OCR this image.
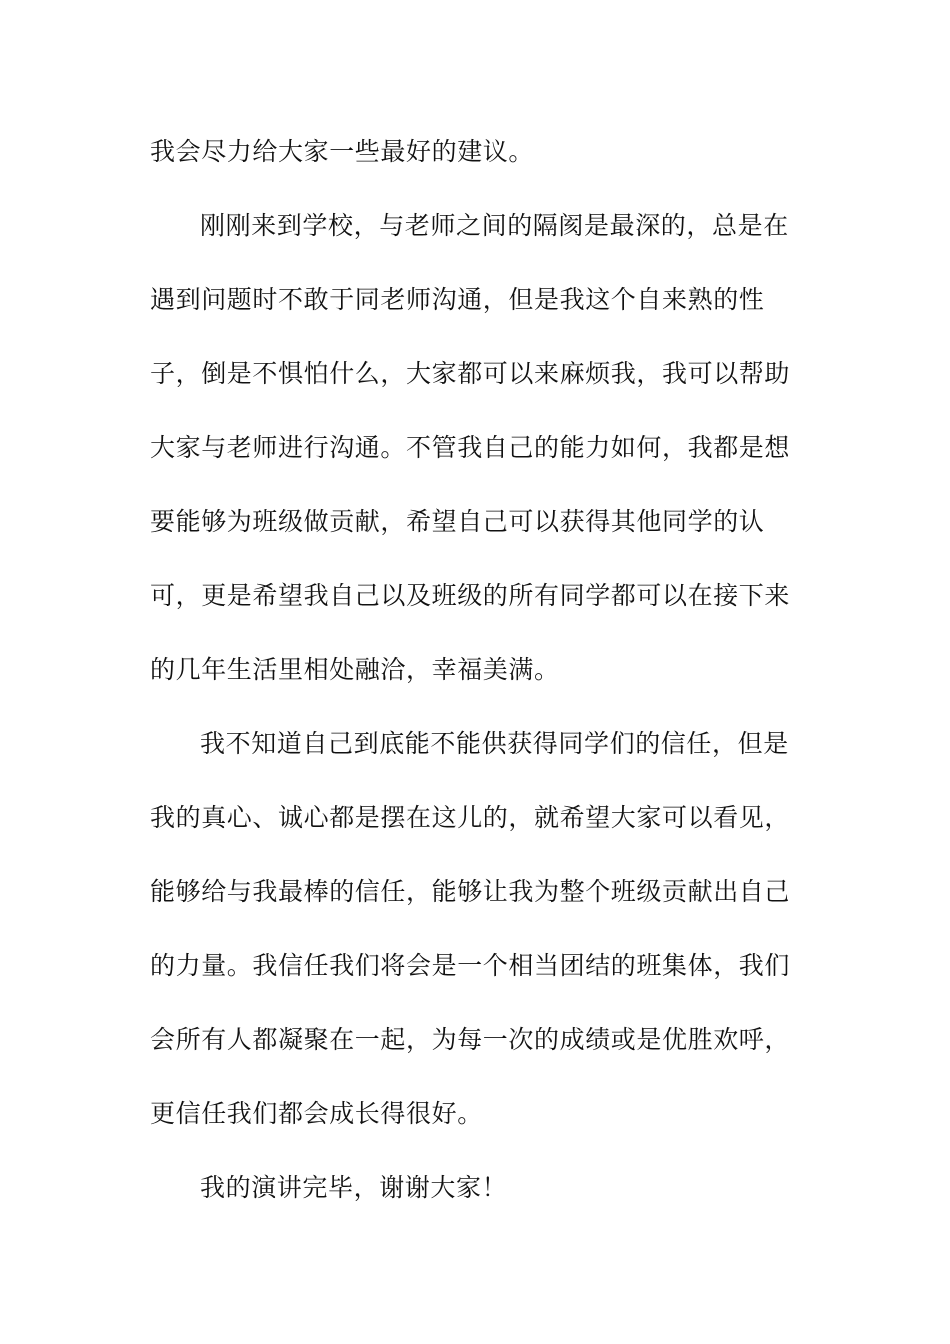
我会尽力给大家一些最好的建议。
刚刚来到学校，与老师之间的隔阂是最深的，总是在
遇到问题时不敢于同老师沟通，但是我这个自来熟的性
子，倒是不惧怕什么，大家都可以来麻烦我，我可以帮助
大家与老师进行沟通。不管我自己的能力如何，我都是想
要能够为班级做贡献，希望自己可以获得其他同学的认
可，更是希望我自己以及班级的所有同学都可以在接下来
的几年生活里相处融洽，幸福美满。
我不知道自己到底能不能供获得同学们的信任，但是
我的真心、诚心都是摆在这儿的，就希望大家可以看见，
能够给与我最棒的信任，能够让我为整个班级贡献出自己
的力量。我信任我们将会是一个相当团结的班集体，我们
会所有人都凝聚在一起，为每一次的成绩或是优胜欢呼，
更信任我们都会成长得很好。
我的演讲完毕，谢谢大家！
